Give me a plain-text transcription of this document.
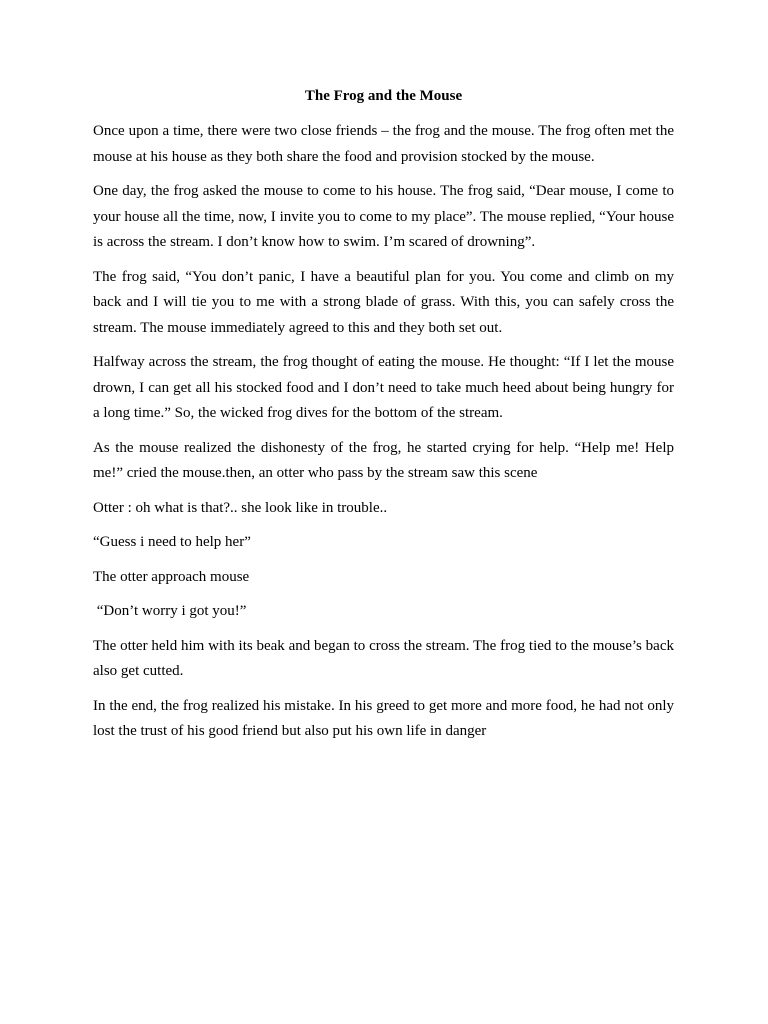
The Frog and the Mouse

Once upon a time, there were two close friends – the frog and the mouse. The frog often met the mouse at his house as they both share the food and provision stocked by the mouse.

One day, the frog asked the mouse to come to his house. The frog said, “Dear mouse, I come to your house all the time, now, I invite you to come to my place”. The mouse replied, “Your house is across the stream. I don’t know how to swim. I’m scared of drowning”.

The frog said, “You don’t panic, I have a beautiful plan for you. You come and climb on my back and I will tie you to me with a strong blade of grass. With this, you can safely cross the stream. The mouse immediately agreed to this and they both set out.

Halfway across the stream, the frog thought of eating the mouse. He thought: “If I let the mouse drown, I can get all his stocked food and I don’t need to take much heed about being hungry for a long time.” So, the wicked frog dives for the bottom of the stream.

As the mouse realized the dishonesty of the frog, he started crying for help. “Help me! Help me!” cried the mouse.then, an otter who pass by the stream saw this scene

Otter : oh what is that?.. she look like in trouble..

“Guess i need to help her”

The otter approach mouse

“Don’t worry i got you!”

The otter held him with its beak and began to cross the stream. The frog tied to the mouse’s back also get cutted.

In the end, the frog realized his mistake. In his greed to get more and more food, he had not only lost the trust of his good friend but also put his own life in danger
